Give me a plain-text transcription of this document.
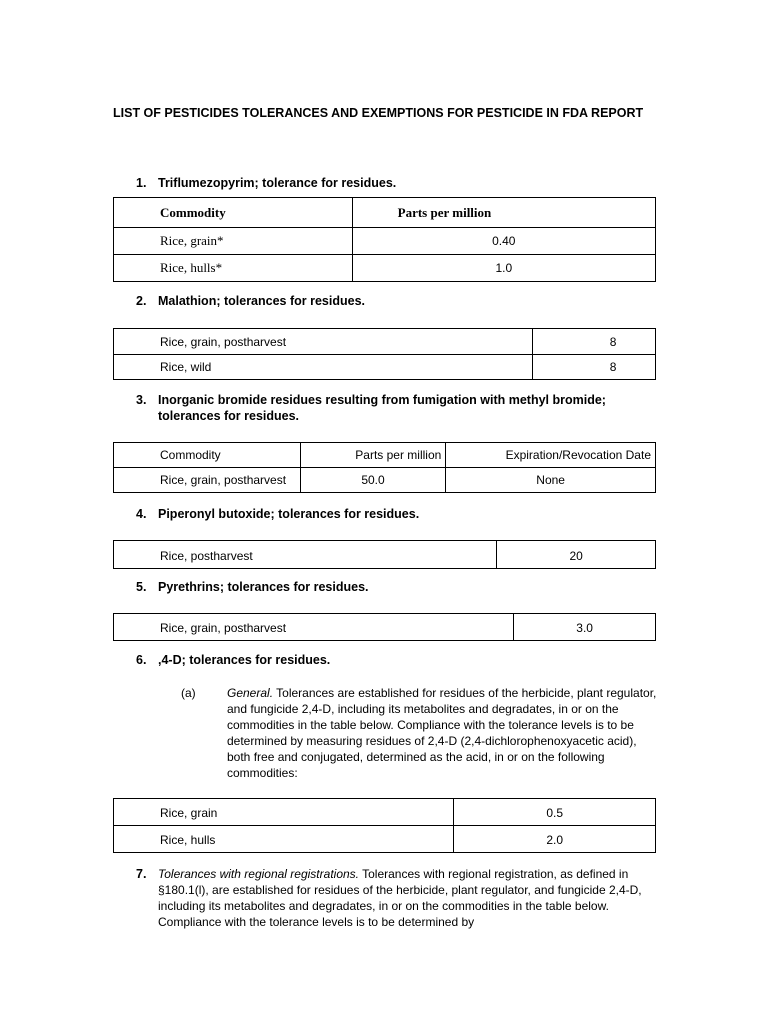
LIST OF PESTICIDES TOLERANCES AND EXEMPTIONS FOR PESTICIDE IN FDA REPORT
1. Triflumezopyrim; tolerance for residues.
Commodity	Parts per million
Rice, grain*	0.40
Rice, hulls*	1.0
2. Malathion; tolerances for residues.
Rice, grain, postharvest	8
Rice, wild	8
3. Inorganic bromide residues resulting from fumigation with methyl bromide; tolerances for residues.
Commodity	Parts per million	Expiration/Revocation Date
Rice, grain, postharvest	50.0	None
4. Piperonyl butoxide; tolerances for residues.
Rice, postharvest	20
5. Pyrethrins; tolerances for residues.
Rice, grain, postharvest	3.0
6. ,4-D; tolerances for residues.
(a)	General. Tolerances are established for residues of the herbicide, plant regulator, and fungicide 2,4-D, including its metabolites and degradates, in or on the commodities in the table below. Compliance with the tolerance levels is to be determined by measuring residues of 2,4-D (2,4-dichlorophenoxyacetic acid), both free and conjugated, determined as the acid, in or on the following commodities:
Rice, grain	0.5
Rice, hulls	2.0
7. Tolerances with regional registrations. Tolerances with regional registration, as defined in §180.1(l), are established for residues of the herbicide, plant regulator, and fungicide 2,4-D, including its metabolites and degradates, in or on the commodities in the table below. Compliance with the tolerance levels is to be determined by
